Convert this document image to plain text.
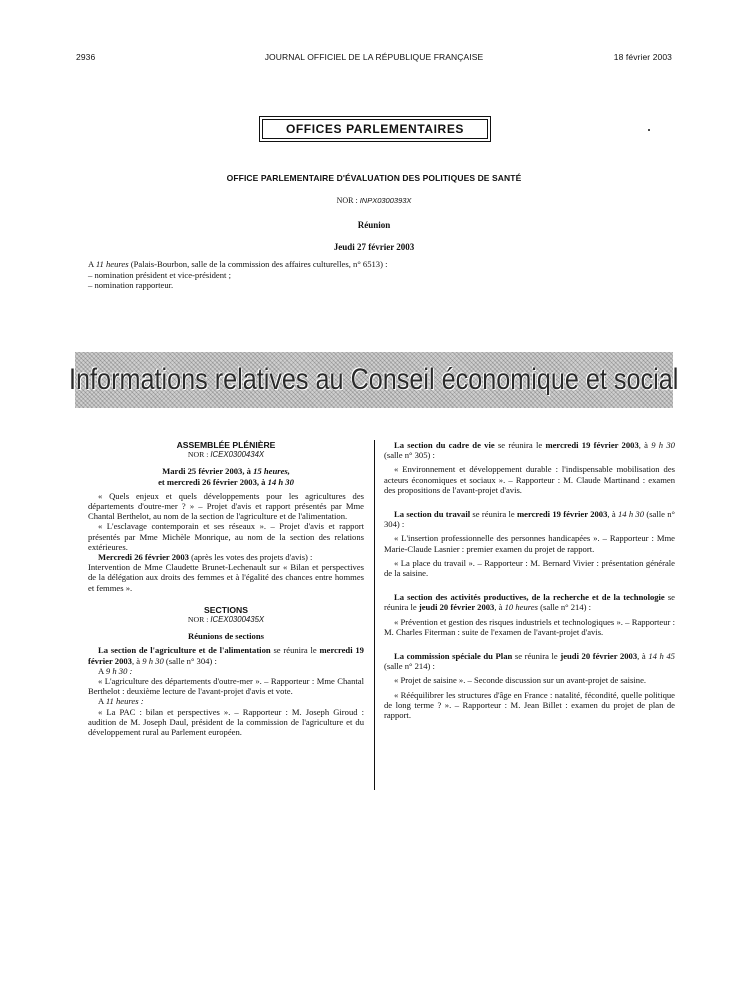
2936	JOURNAL OFFICIEL DE LA RÉPUBLIQUE FRANÇAISE	18 février 2003
OFFICES PARLEMENTAIRES
OFFICE PARLEMENTAIRE D'ÉVALUATION DES POLITIQUES DE SANTÉ
NOR : INPX0300393X
Réunion
Jeudi 27 février 2003

A 11 heures (Palais-Bourbon, salle de la commission des affaires culturelles, n° 6513) :

– nomination président et vice-président ;

– nomination rapporteur.

Informations relatives au Conseil économique et social

ASSEMBLÉE PLÉNIÈRE

NOR : ICEX0300434X

Mardi 25 février 2003, à 15 heures,

et mercredi 26 février 2003, à 14 h 30

« Quels enjeux et quels développements pour les agricultures des départements d'outre-mer ? » – Projet d'avis et rapport présentés par Mme Chantal Berthelot, au nom de la section de l'agriculture et de l'alimentation.

« L'esclavage contemporain et ses réseaux ». – Projet d'avis et rapport présentés par Mme Michèle Monrique, au nom de la section des relations extérieures.

Mercredi 26 février 2003 (après les votes des projets d'avis) :

Intervention de Mme Claudette Brunet-Lechenault sur « Bilan et perspectives de la délégation aux droits des femmes et à l'égalité des chances entre hommes et femmes ».

SECTIONS

NOR : ICEX0300435X

Réunions de sections

La section de l'agriculture et de l'alimentation se réunira le mercredi 19 février 2003, à 9 h 30 (salle n° 304) :

A 9 h 30 :

« L'agriculture des départements d'outre-mer ». – Rapporteur : Mme Chantal Berthelot : deuxième lecture de l'avant-projet d'avis et vote.

A 11 heures :

« La PAC : bilan et perspectives ». – Rapporteur : M. Joseph Giroud : audition de M. Joseph Daul, président de la commission de l'agriculture et du développement rural au Parlement européen.

La section du cadre de vie se réunira le mercredi 19 février 2003, à 9 h 30 (salle n° 305) :

« Environnement et développement durable : l'indispensable mobilisation des acteurs économiques et sociaux ». – Rapporteur : M. Claude Martinand : examen des propositions de l'avant-projet d'avis.

La section du travail se réunira le mercredi 19 février 2003, à 14 h 30 (salle n° 304) :

« L'insertion professionnelle des personnes handicapées ». – Rapporteur : Mme Marie-Claude Lasnier : premier examen du projet de rapport.

« La place du travail ». – Rapporteur : M. Bernard Vivier : présentation générale de la saisine.

La section des activités productives, de la recherche et de la technologie se réunira le jeudi 20 février 2003, à 10 heures (salle n° 214) :

« Prévention et gestion des risques industriels et technologiques ». – Rapporteur : M. Charles Fiterman : suite de l'examen de l'avant-projet d'avis.

La commission spéciale du Plan se réunira le jeudi 20 février 2003, à 14 h 45 (salle n° 214) :

« Projet de saisine ». – Seconde discussion sur un avant-projet de saisine.

« Rééquilibrer les structures d'âge en France : natalité, fécondité, quelle politique de long terme ? ». – Rapporteur : M. Jean Billet : examen du projet de plan de rapport.
